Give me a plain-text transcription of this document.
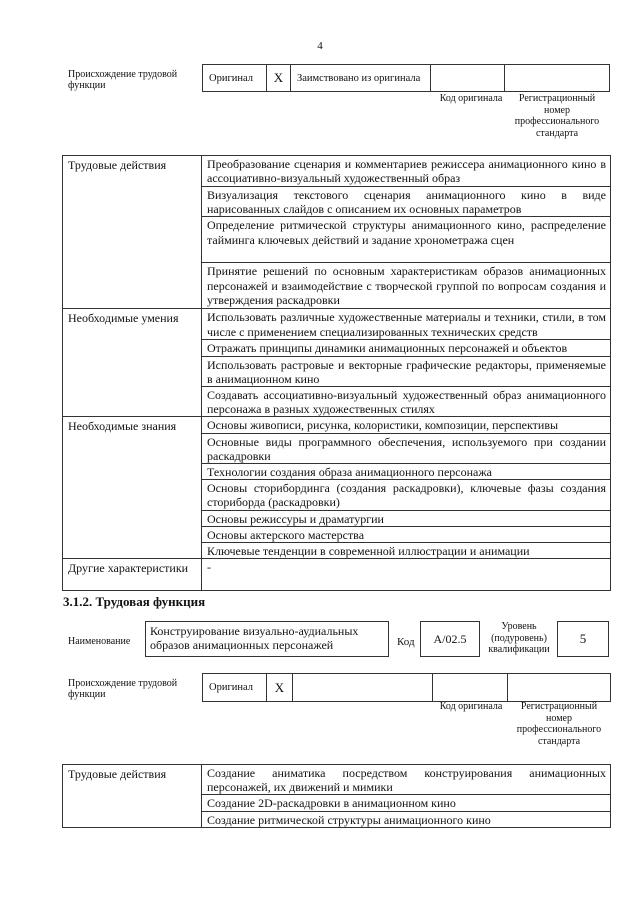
4
Происхождение трудовой функции
Оригинал	X	Заимствовано из оригинала
Код оригинала	Регистрационный номер профессионального стандарта
Трудовые действия	Преобразование сценария и комментариев режиссера анимационного кино в ассоциативно-визуальный художественный образ
	Визуализация текстового сценария анимационного кино в виде нарисованных слайдов с описанием их основных параметров
	Определение ритмической структуры анимационного кино, распределение тайминга ключевых действий и задание хронометража сцен
	Принятие решений по основным характеристикам образов анимационных персонажей и взаимодействие с творческой группой по вопросам создания и утверждения раскадровки
Необходимые умения	Использовать различные художественные материалы и техники, стили, в том числе с применением специализированных технических средств
	Отражать принципы динамики анимационных персонажей и объектов
	Использовать растровые и векторные графические редакторы, применяемые в анимационном кино
	Создавать ассоциативно-визуальный художественный образ анимационного персонажа в разных художественных стилях
Необходимые знания	Основы живописи, рисунка, колористики, композиции, перспективы
	Основные виды программного обеспечения, используемого при создании раскадровки
	Технологии создания образа анимационного персонажа
	Основы сторибординга (создания раскадровки), ключевые фазы создания сториборда (раскадровки)
	Основы режиссуры и драматургии
	Основы актерского мастерства
	Ключевые тенденции в современной иллюстрации и анимации
Другие характеристики	-
3.1.2. Трудовая функция
Наименование
Конструирование визуально-аудиальных образов анимационных персонажей	Код	A/02.5
Уровень (подуровень) квалификации
5
Происхождение трудовой функции
Оригинал	X
Код оригинала	Регистрационный номер профессионального стандарта
Трудовые действия	Создание аниматика посредством конструирования анимационных персонажей, их движений и мимики
Создание 2D-раскадровки в анимационном кино
Создание ритмической структуры анимационного кино
